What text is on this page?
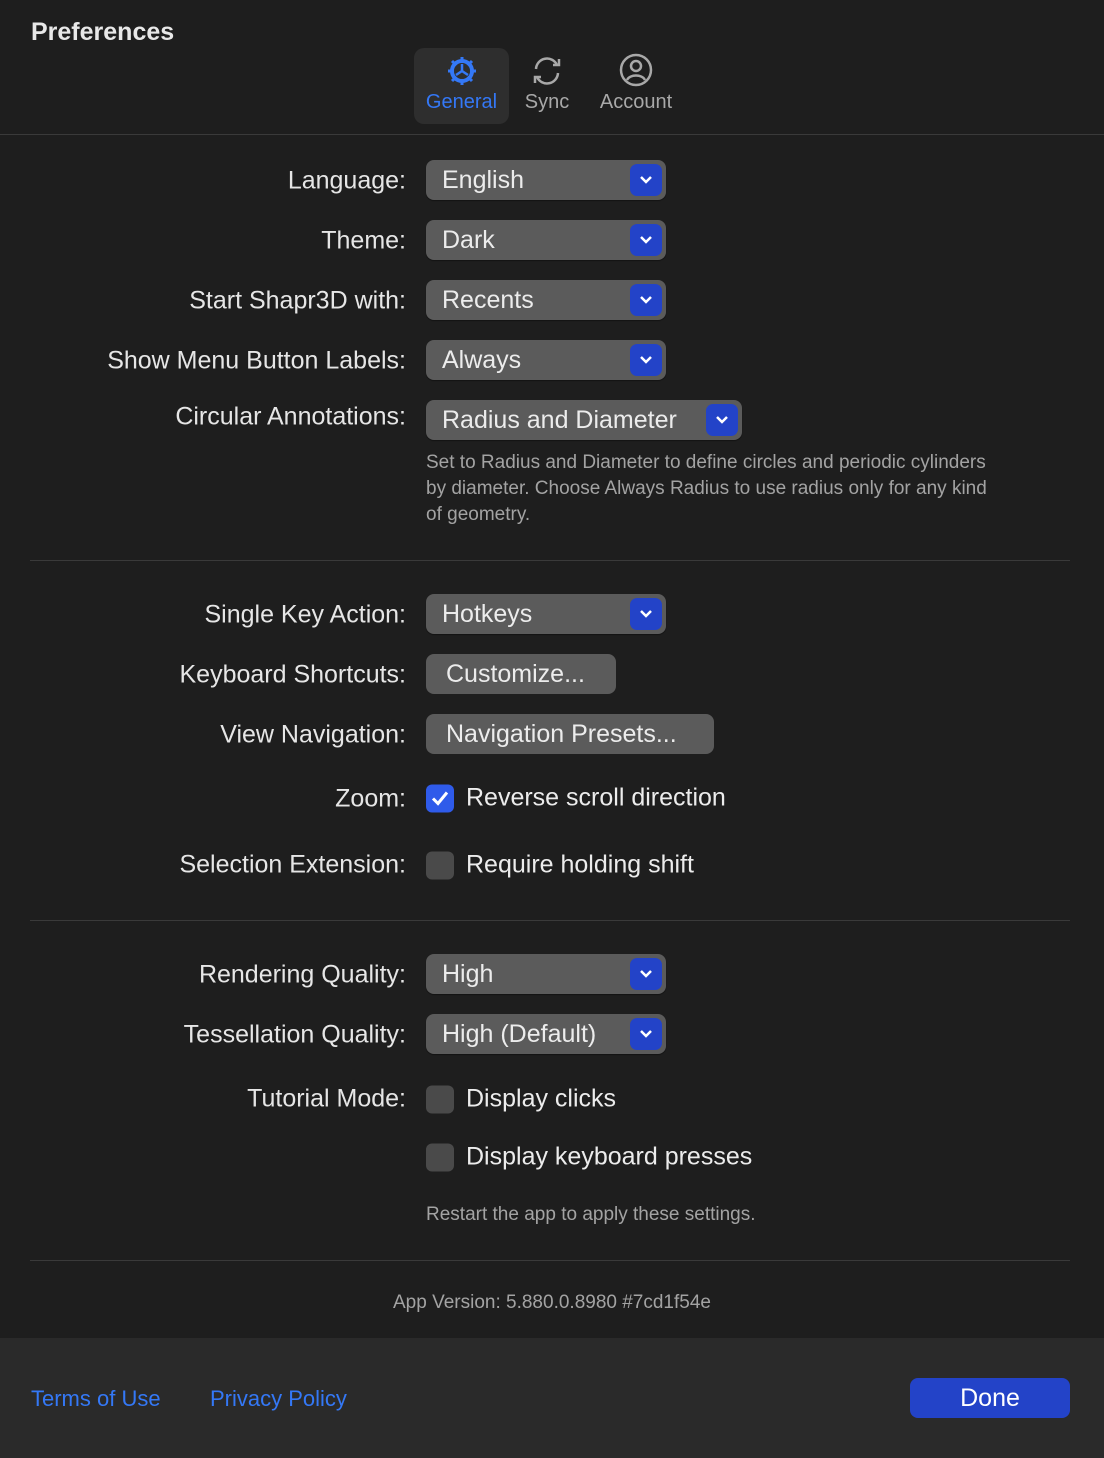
Preferences
General Sync Account
Language: English
Theme: Dark
Start Shapr3D with: Recents
Show Menu Button Labels: Always
Circular Annotations: Radius and Diameter
Set to Radius and Diameter to define circles and periodic cylinders
by diameter. Choose Always Radius to use radius only for any kind
of geometry.
Single Key Action: Hotkeys
Keyboard Shortcuts:	Customize...
View Navigation:	Navigation Presets...
Zoom: Reverse scroll direction
Selection Extension: Require holding shift
Rendering Quality: High
Tessellation Quality: High (Default)
Tutorial Mode: Display clicks
Display keyboard presses
Restart the app to apply these settings.
App Version: 5.880.0.8980 #7cd1f54e
Terms of Use Privacy Policy	Done
